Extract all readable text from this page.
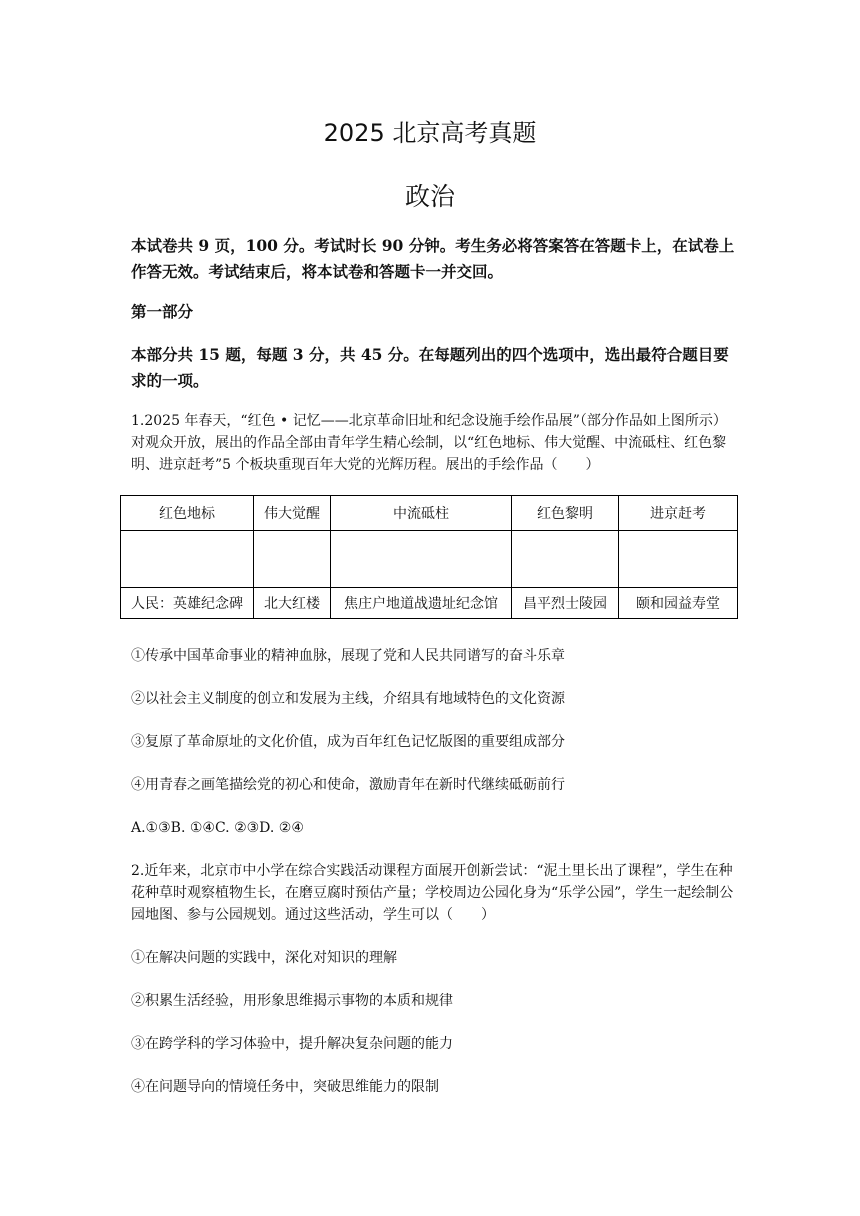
2025 北京高考真题
政治
本试卷共 9 页，100 分。考试时长 90 分钟。考生务必将答案答在答题卡上，在试卷上作答无效。考试结束后，将本试卷和答题卡一并交回。
第一部分
本部分共 15 题，每题 3 分，共 45 分。在每题列出的四个选项中，选出最符合题目要求的一项。
1.2025 年春天，“红色 • 记忆——北京革命旧址和纪念设施手绘作品展”（部分作品如上图所示）对观众开放，展出的作品全部由青年学生精心绘制，以“红色地标、伟大觉醒、中流砥柱、红色黎明、进京赶考”5 个板块重现百年大党的光辉历程。展出的手绘作品（　　）
红色地标	伟大觉醒	中流砥柱	红色黎明	进京赶考

人民：英雄纪念碑	北大红楼	焦庄户地道战遗址纪念馆	昌平烈士陵园	颐和园益寿堂
①传承中国革命事业的精神血脉，展现了党和人民共同谱写的奋斗乐章
②以社会主义制度的创立和发展为主线，介绍具有地域特色的文化资源
③复原了革命原址的文化价值，成为百年红色记忆版图的重要组成部分
④用青春之画笔描绘党的初心和使命，激励青年在新时代继续砥砺前行
A.①③B. ①④C. ②③D. ②④
2.近年来，北京市中小学在综合实践活动课程方面展开创新尝试：“泥土里长出了课程”，学生在种花种草时观察植物生长，在磨豆腐时预估产量；学校周边公园化身为“乐学公园”，学生一起绘制公园地图、参与公园规划。通过这些活动，学生可以（　　）
①在解决问题的实践中，深化对知识的理解
②积累生活经验，用形象思维揭示事物的本质和规律
③在跨学科的学习体验中，提升解决复杂问题的能力
④在问题导向的情境任务中，突破思维能力的限制
